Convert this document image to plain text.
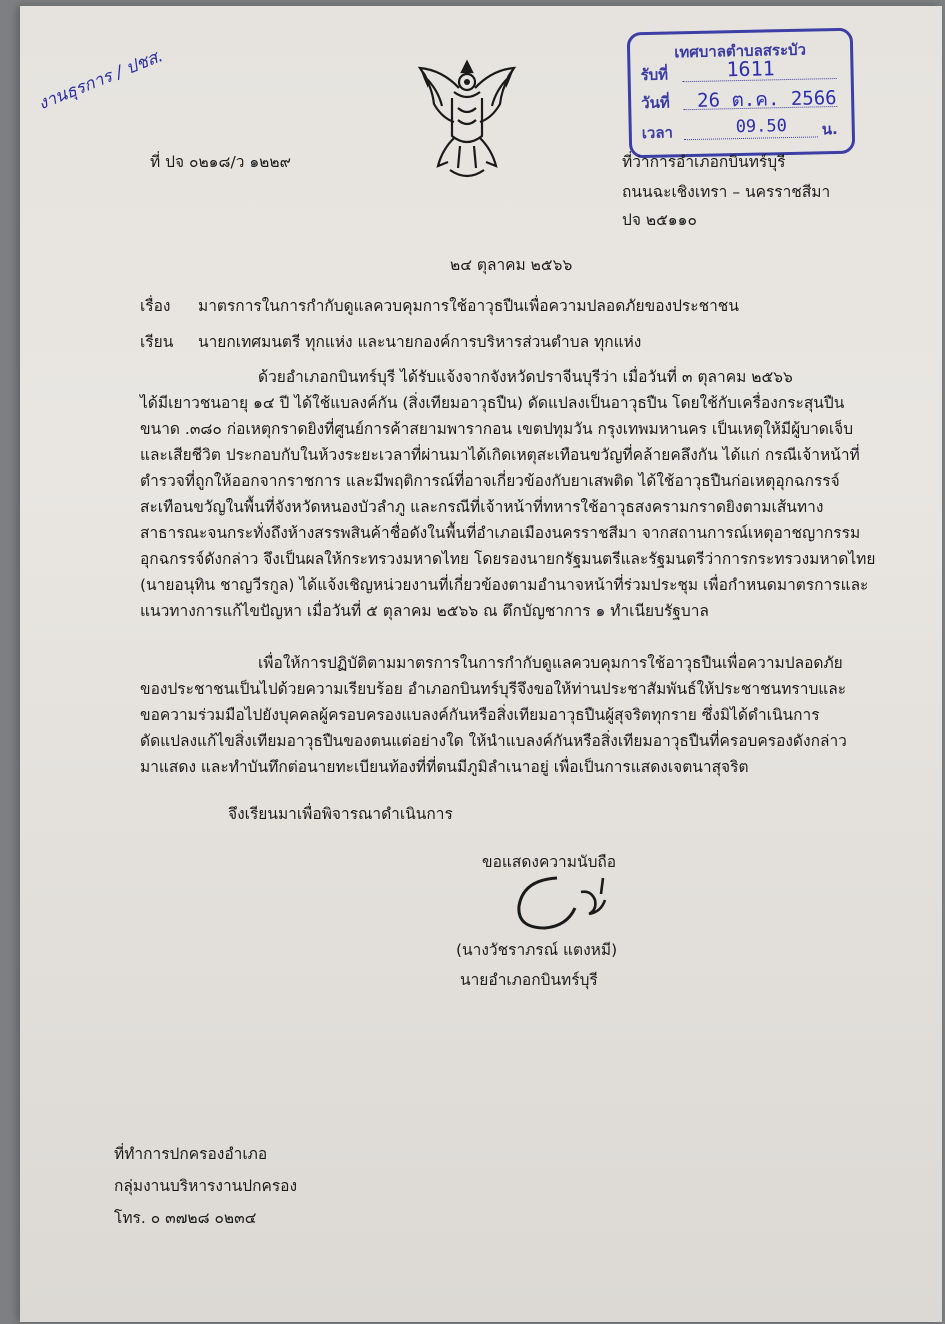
งานธุรการ / ปชส.	เทศบาลตำบลสระบัว
รับที่	1611
วันที่ 26 ต.ค. 2566
เวลา	09.50 น.
ที่ ปจ ๐๒๑๘/ว ๑๒๒๙	ที่ว่าการอำเภอกบินทร์บุรี
ถนนฉะเชิงเทรา – นครราชสีมา
ปจ ๒๕๑๑๐
๒๔ ตุลาคม ๒๕๖๖
เรื่อง มาตรการในการกำกับดูแลควบคุมการใช้อาวุธปืนเพื่อความปลอดภัยของประชาชน
เรียน นายกเทศมนตรี ทุกแห่ง และนายกองค์การบริหารส่วนตำบล ทุกแห่ง
ด้วยอำเภอกบินทร์บุรี ได้รับแจ้งจากจังหวัดปราจีนบุรีว่า เมื่อวันที่ ๓ ตุลาคม ๒๕๖๖
ได้มีเยาวชนอายุ ๑๔ ปี ได้ใช้แบลงค์กัน (สิ่งเทียมอาวุธปืน) ดัดแปลงเป็นอาวุธปืน โดยใช้กับเครื่องกระสุนปืน
ขนาด .๓๘๐ ก่อเหตุกราดยิงที่ศูนย์การค้าสยามพารากอน เขตปทุมวัน กรุงเทพมหานคร เป็นเหตุให้มีผู้บาดเจ็บ
และเสียชีวิต ประกอบกับในห้วงระยะเวลาที่ผ่านมาได้เกิดเหตุสะเทือนขวัญที่คล้ายคลึงกัน ได้แก่ กรณีเจ้าหน้าที่
ตำรวจที่ถูกให้ออกจากราชการ และมีพฤติการณ์ที่อาจเกี่ยวข้องกับยาเสพติด ได้ใช้อาวุธปืนก่อเหตุอุกฉกรรจ์
สะเทือนขวัญในพื้นที่จังหวัดหนองบัวลำภู และกรณีที่เจ้าหน้าที่ทหารใช้อาวุธสงครามกราดยิงตามเส้นทาง
สาธารณะจนกระทั่งถึงห้างสรรพสินค้าชื่อดังในพื้นที่อำเภอเมืองนครราชสีมา จากสถานการณ์เหตุอาชญากรรม
อุกฉกรรจ์ดังกล่าว จึงเป็นผลให้กระทรวงมหาดไทย โดยรองนายกรัฐมนตรีและรัฐมนตรีว่าการกระทรวงมหาดไทย
(นายอนุทิน ชาญวีรกูล) ได้แจ้งเชิญหน่วยงานที่เกี่ยวข้องตามอำนาจหน้าที่ร่วมประชุม เพื่อกำหนดมาตรการและ
แนวทางการแก้ไขปัญหา เมื่อวันที่ ๕ ตุลาคม ๒๕๖๖ ณ ตึกบัญชาการ ๑ ทำเนียบรัฐบาล
เพื่อให้การปฏิบัติตามมาตรการในการกำกับดูแลควบคุมการใช้อาวุธปืนเพื่อความปลอดภัย
ของประชาชนเป็นไปด้วยความเรียบร้อย อำเภอกบินทร์บุรีจึงขอให้ท่านประชาสัมพันธ์ให้ประชาชนทราบและ
ขอความร่วมมือไปยังบุคคลผู้ครอบครองแบลงค์กันหรือสิ่งเทียมอาวุธปืนผู้สุจริตทุกราย ซึ่งมิได้ดำเนินการ
ดัดแปลงแก้ไขสิ่งเทียมอาวุธปืนของตนแต่อย่างใด ให้นำแบลงค์กันหรือสิ่งเทียมอาวุธปืนที่ครอบครองดังกล่าว
มาแสดง และทำบันทึกต่อนายทะเบียนท้องที่ที่ตนมีภูมิลำเนาอยู่ เพื่อเป็นการแสดงเจตนาสุจริต
จึงเรียนมาเพื่อพิจารณาดำเนินการ
ขอแสดงความนับถือ
(นางวัชราภรณ์ แตงหมี)
นายอำเภอกบินทร์บุรี
ที่ทำการปกครองอำเภอ
กลุ่มงานบริหารงานปกครอง
โทร. ๐ ๓๗๒๘ ๐๒๓๔
